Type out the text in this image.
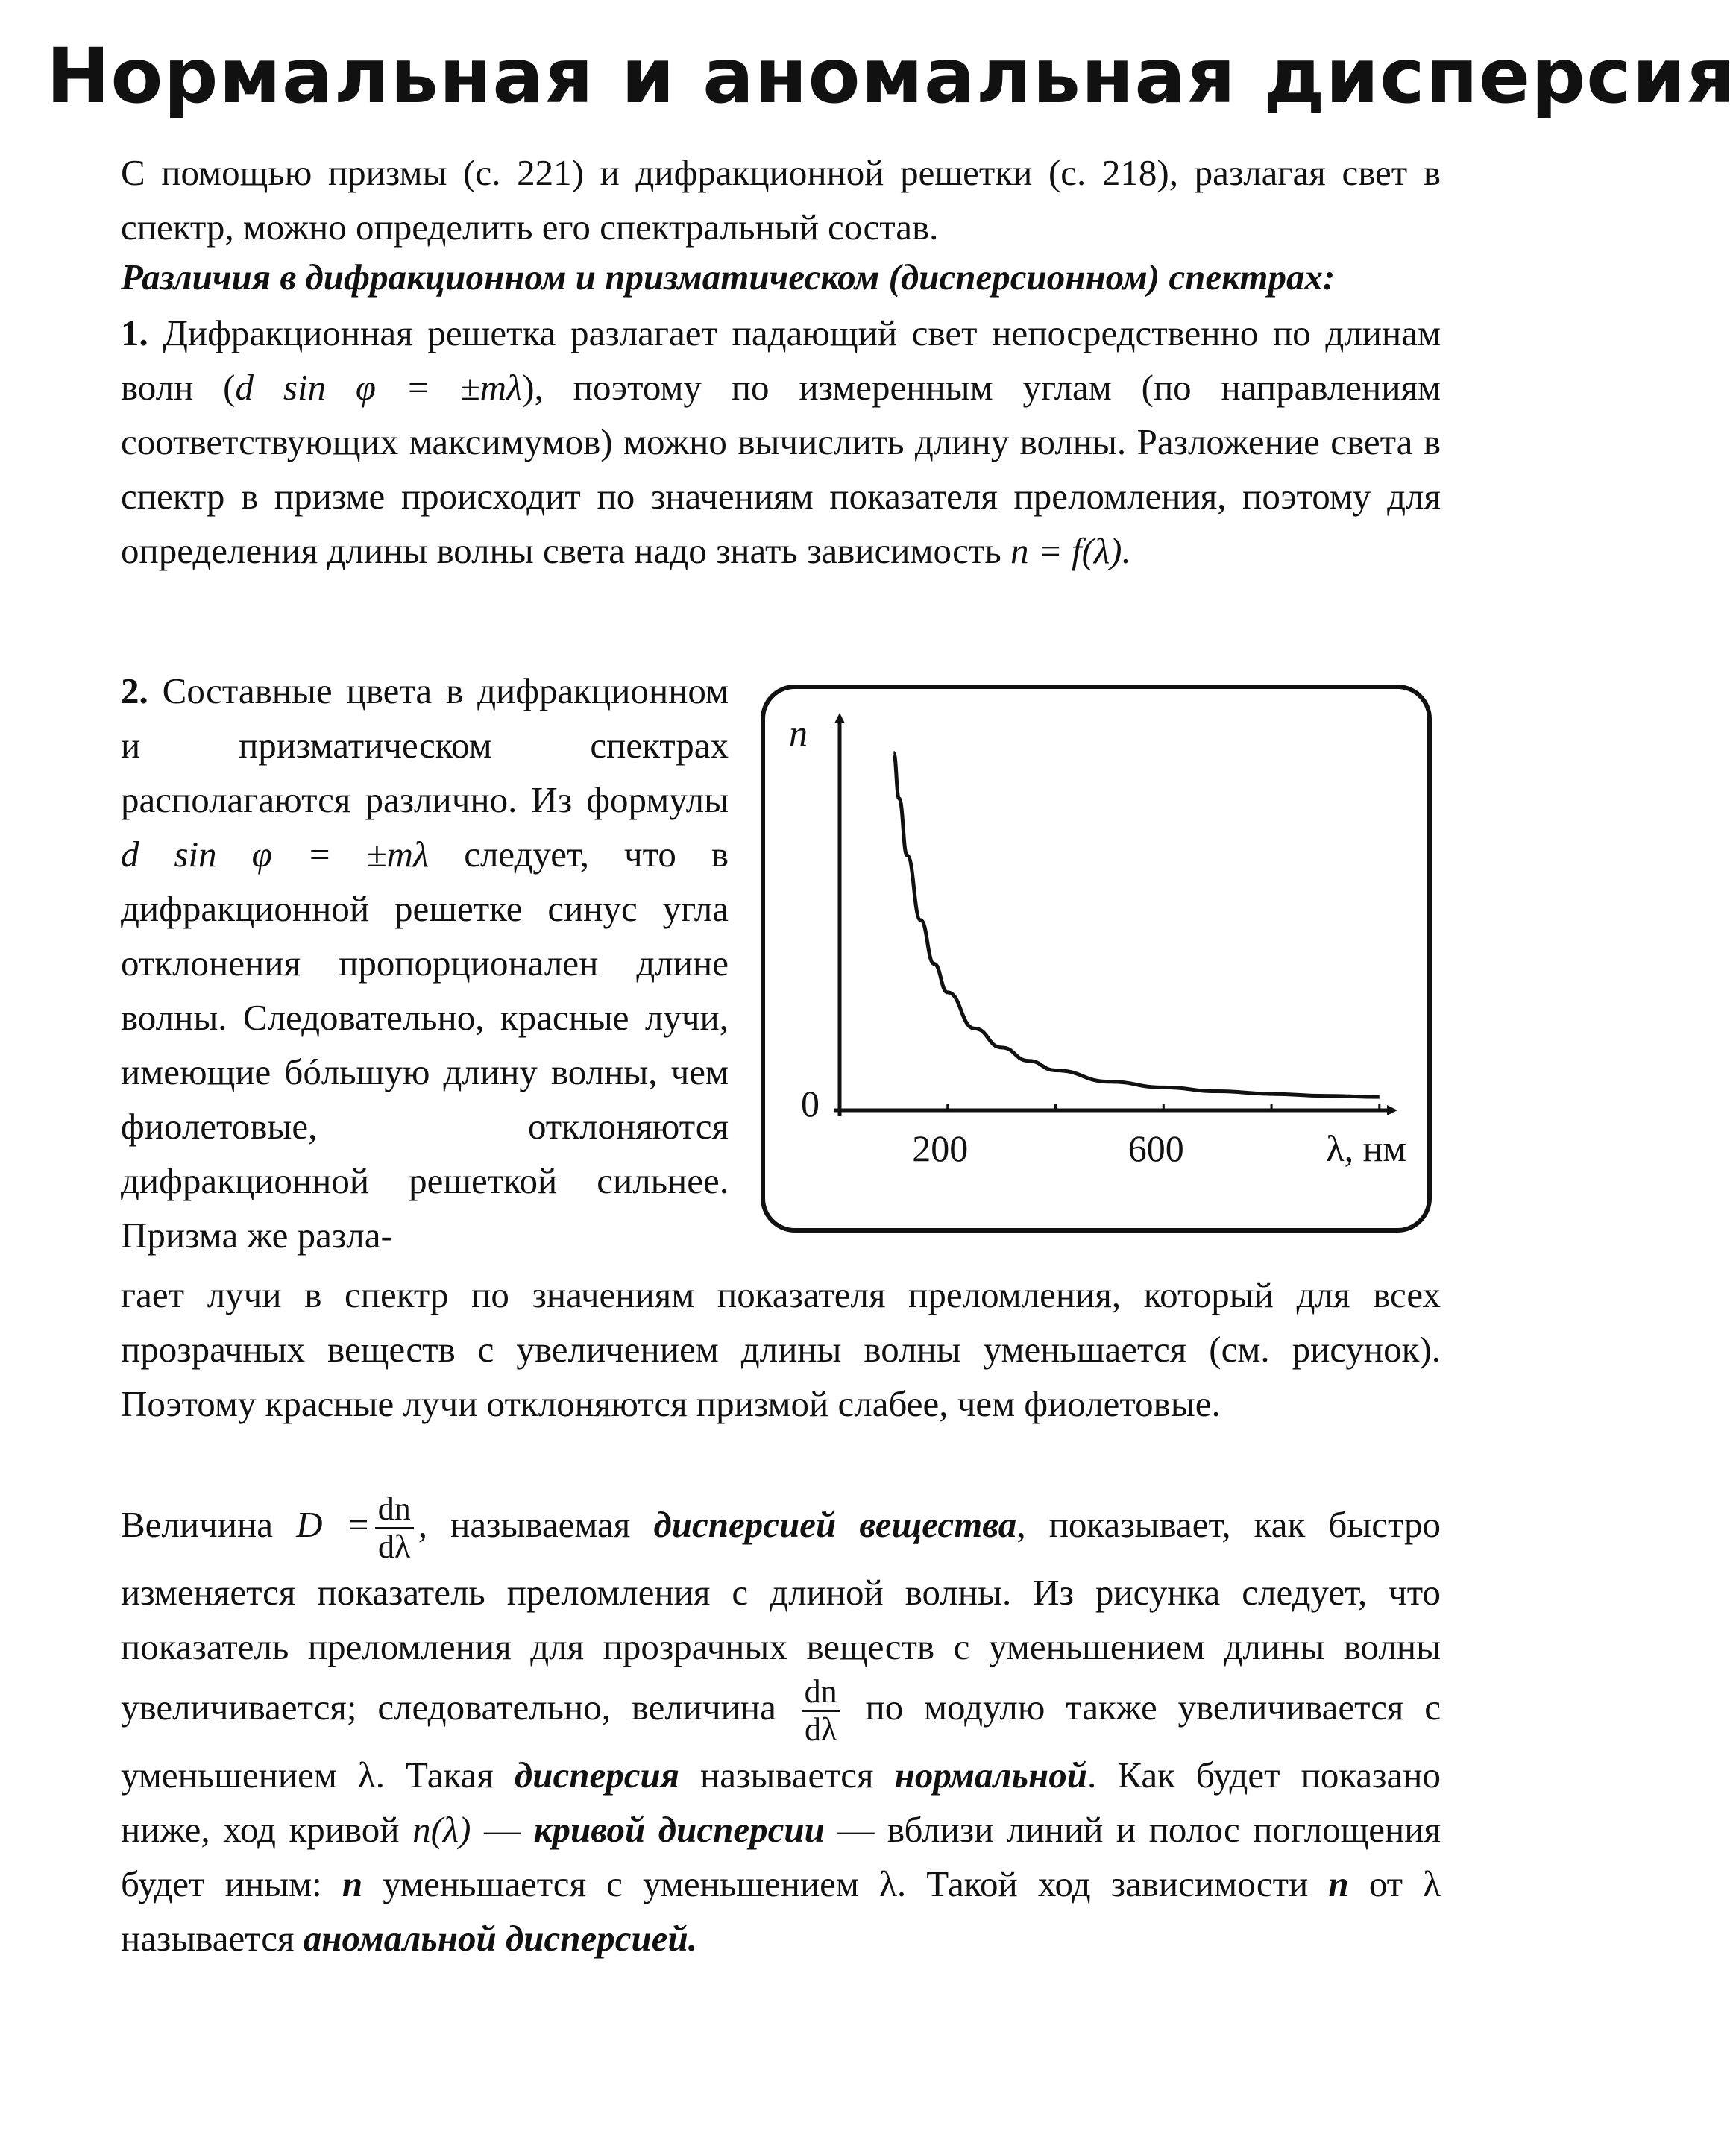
Нормальная и аномальная дисперсия

С помощью призмы (с. 221) и дифракционной решетки (с. 218), разлагая свет в спектр, можно определить его спектральный состав.

Различия в дифракционном и призматическом (дисперсионном) спектрах:

1. Дифракционная решетка разлагает падающий свет непосредственно по длинам волн (d sin φ = ±mλ), поэтому по измеренным углам (по направлениям соответствующих максимумов) можно вычислить длину волны. Разложение света в спектр в призме происходит по значениям показателя преломления, поэтому для определения длины волны света надо знать зависимость n = f(λ).

2. Составные цвета в дифракционном и призматическом спектрах располагаются различно. Из формулы d sin φ = ±mλ следует, что в дифракционной решетке синус угла отклонения пропорционален длине волны. Следовательно, красные лучи, имеющие бóльшую длину волны, чем фиолетовые, отклоняются дифракционной решеткой сильнее. Призма же разла-

гает лучи в спектр по значениям показателя преломления, который для всех прозрачных веществ с увеличением длины волны уменьшается (см. рисунок). Поэтому красные лучи отклоняются призмой слабее, чем фиолетовые.

n
λ, нм
0
200	600

Величина $D = \frac{dn}{d\lambda}$ , называемая дисперсией вещества, показывает, как быстро изменяется показатель преломления с длиной волны. Из рисунка следует, что показатель преломления для прозрачных веществ с уменьшением длины волны увеличивается; следовательно, величина $\frac{dn}{d\lambda}$ по модулю также увеличивается с уменьшением λ. Такая дисперсия называется нормальной. Как будет показано ниже, ход кривой n(λ) — кривой дисперсии — вблизи линий и полос поглощения будет иным: n уменьшается с уменьшением λ. Такой ход зависимости n от λ называется аномальной дисперсией.
